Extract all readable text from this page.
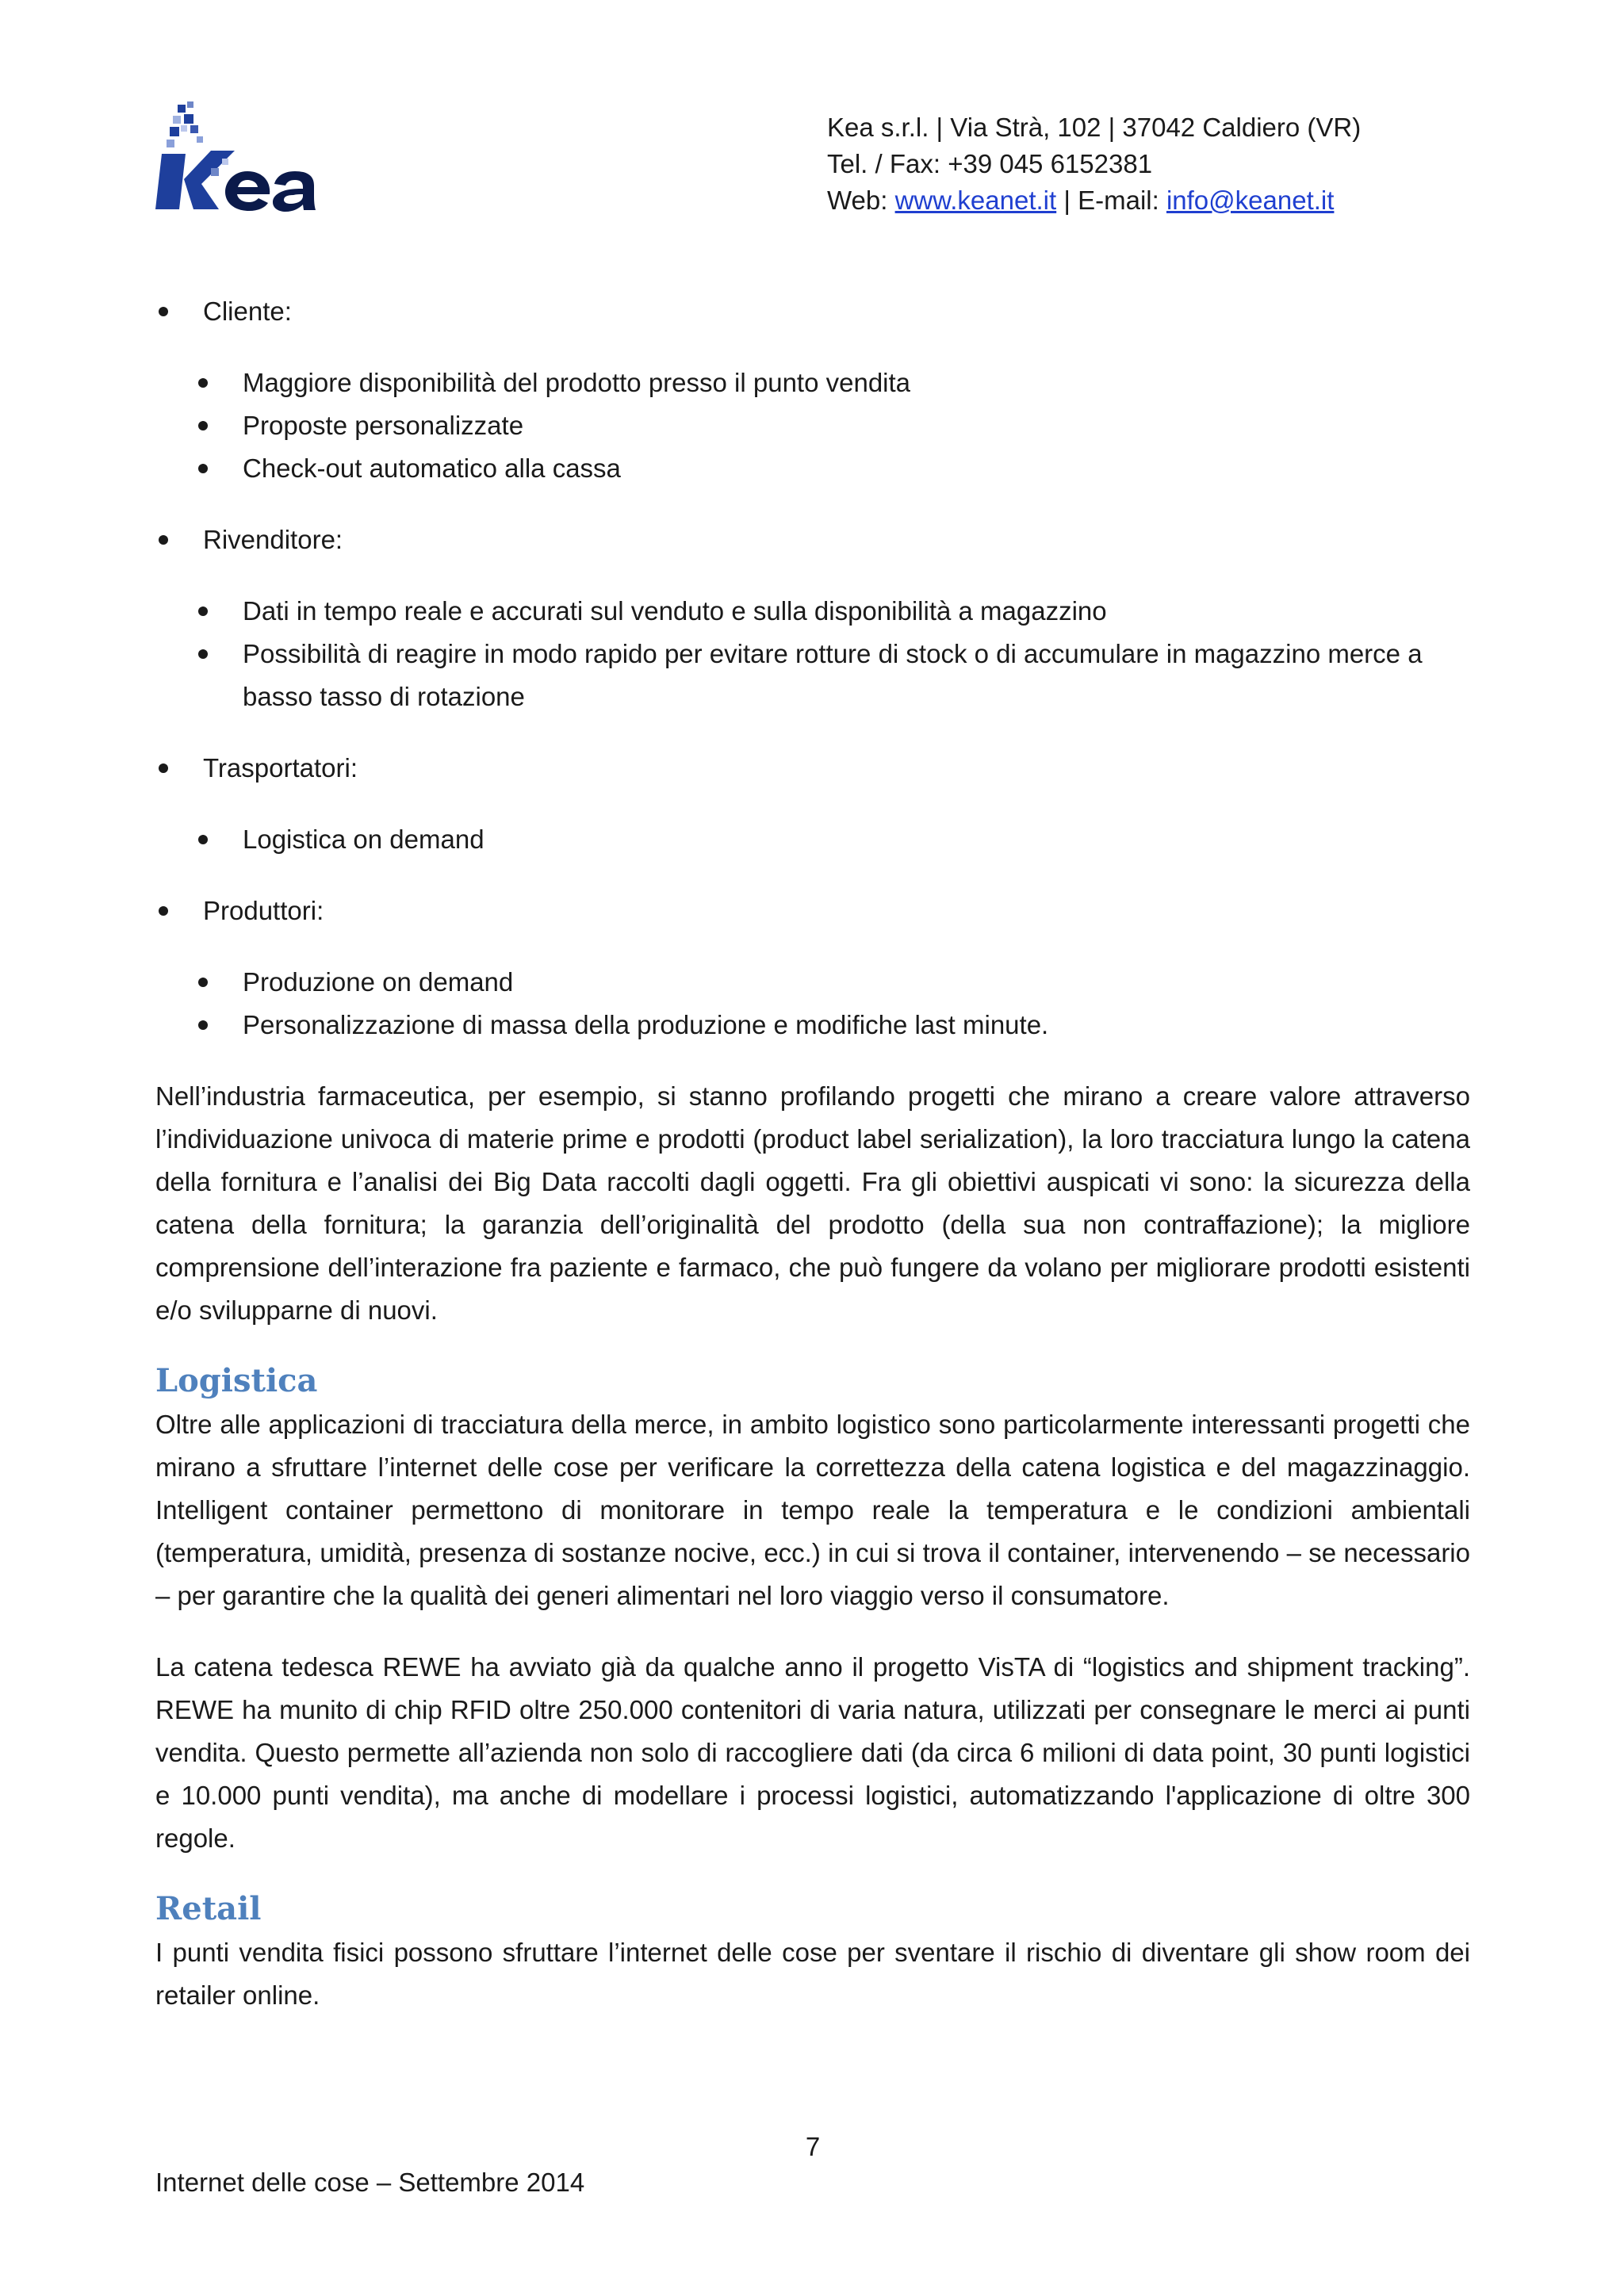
Kea s.r.l. | Via Strà, 102 | 37042 Caldiero (VR)
Tel. / Fax: +39 045 6152381
Web: www.keanet.it | E-mail: info@keanet.it

Cliente:

Maggiore disponibilità del prodotto presso il punto vendita

Proposte personalizzate

Check-out automatico alla cassa

Rivenditore:

Dati in tempo reale e accurati sul venduto e sulla disponibilità a magazzino

Possibilità di reagire in modo rapido per evitare rotture di stock o di accumulare in magazzino merce a basso tasso di rotazione

Trasportatori:

Logistica on demand

Produttori:

Produzione on demand

Personalizzazione di massa della produzione e modifiche last minute.

Nell’industria farmaceutica, per esempio, si stanno profilando progetti che mirano a creare valore attraverso l’individuazione univoca di materie prime e prodotti (product label serialization), la loro tracciatura lungo la catena della fornitura e l’analisi dei Big Data raccolti dagli oggetti. Fra gli obiettivi auspicati vi sono: la sicurezza della catena della fornitura; la garanzia dell’originalità del prodotto (della sua non contraffazione); la migliore comprensione dell’interazione fra paziente e farmaco, che può fungere da volano per migliorare prodotti esistenti e/o svilupparne di nuovi.

Logistica

Oltre alle applicazioni di tracciatura della merce, in ambito logistico sono particolarmente interessanti progetti che mirano a sfruttare l’internet delle cose per verificare la correttezza della catena logistica e del magazzinaggio. Intelligent container permettono di monitorare in tempo reale la temperatura e le condizioni ambientali (temperatura, umidità, presenza di sostanze nocive, ecc.) in cui si trova il container, intervenendo – se necessario – per garantire che la qualità dei generi alimentari nel loro viaggio verso il consumatore.

La catena tedesca REWE ha avviato già da qualche anno il progetto VisTA di “logistics and shipment tracking”. REWE ha munito di chip RFID oltre 250.000 contenitori di varia natura, utilizzati per consegnare le merci ai punti vendita. Questo permette all’azienda non solo di raccogliere dati (da circa 6 milioni di data point, 30 punti logistici e 10.000 punti vendita), ma anche di modellare i processi logistici, automatizzando l'applicazione di oltre 300 regole.

Retail

I punti vendita fisici possono sfruttare l’internet delle cose per sventare il rischio di diventare gli show room dei retailer online.

7
Internet delle cose – Settembre 2014
